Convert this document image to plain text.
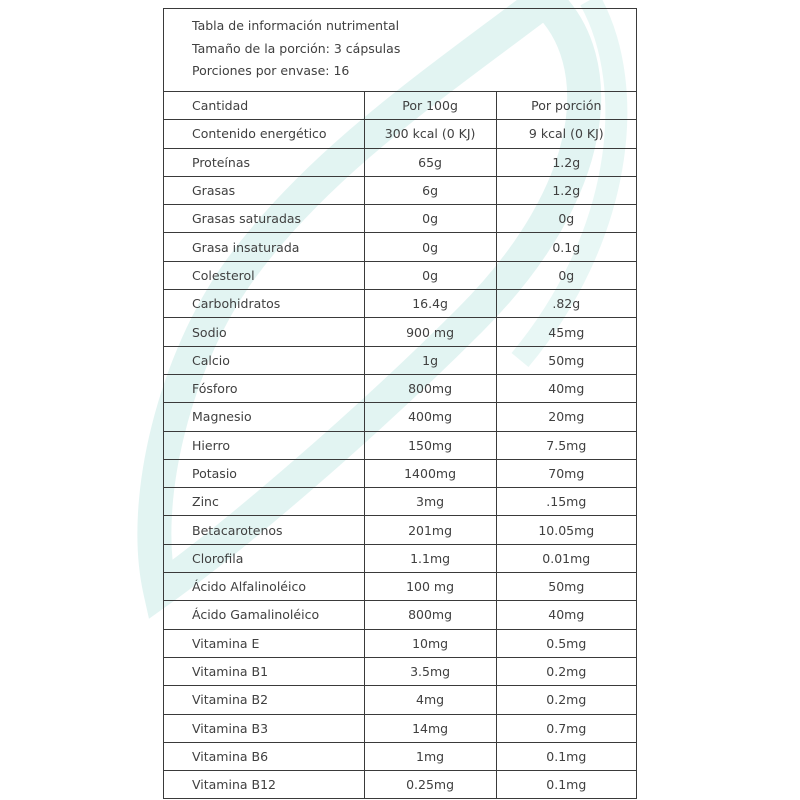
Tabla de información nutrimental
Tamaño de la porción: 3 cápsulas
Porciones por envase: 16		

Cantidad	Por 100g	Por porción
Contenido energético	300 kcal (0 KJ)	9 kcal (0 KJ)
Proteínas	65g	1.2g
Grasas	6g	1.2g
Grasas saturadas	0g	0g
Grasa insaturada	0g	0.1g
Colesterol	0g	0g
Carbohidratos	16.4g	.82g
Sodio	900 mg	45mg
Calcio	1g	50mg
Fósforo	800mg	40mg
Magnesio	400mg	20mg
Hierro	150mg	7.5mg
Potasio	1400mg	70mg
Zinc	3mg	.15mg
Betacarotenos	201mg	10.05mg
Clorofila	1.1mg	0.01mg
Ácido Alfalinoléico	100 mg	50mg
Ácido Gamalinoléico	800mg	40mg
Vitamina E	10mg	0.5mg
Vitamina B1	3.5mg	0.2mg
Vitamina B2	4mg	0.2mg
Vitamina B3	14mg	0.7mg
Vitamina B6	1mg	0.1mg
Vitamina B12	0.25mg	0.1mg
